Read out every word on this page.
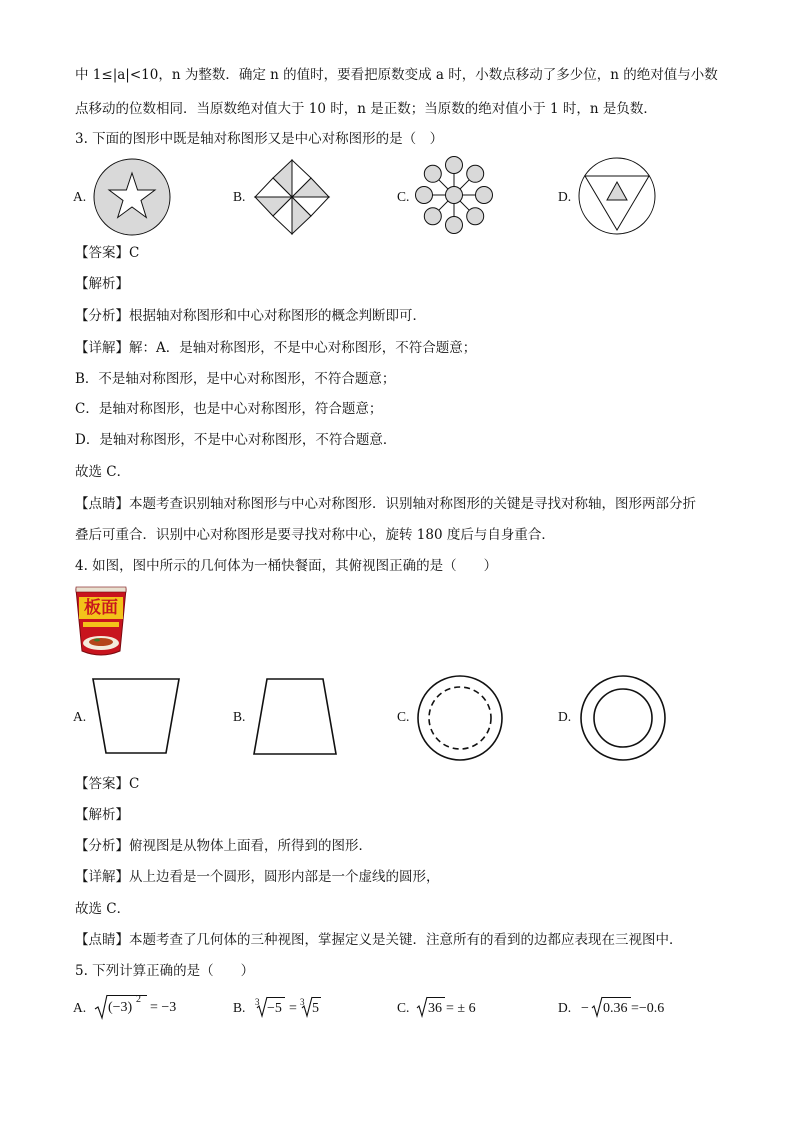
中 1≤|a|<10，n 为整数．确定 n 的值时，要看把原数变成 a 时，小数点移动了多少位，n 的绝对值与小数
点移动的位数相同．当原数绝对值大于 10 时，n 是正数；当原数的绝对值小于 1 时，n 是负数．
3. 下面的图形中既是轴对称图形又是中心对称图形的是（　）
A.	B.	C.	D.
【答案】C
【解析】
【分析】根据轴对称图形和中心对称图形的概念判断即可．
【详解】解：A．是轴对称图形，不是中心对称图形，不符合题意；
B．不是轴对称图形，是中心对称图形，不符合题意；
C．是轴对称图形，也是中心对称图形，符合题意；
D．是轴对称图形，不是中心对称图形，不符合题意．
故选 C．
【点睛】本题考查识别轴对称图形与中心对称图形．识别轴对称图形的关键是寻找对称轴，图形两部分折
叠后可重合．识别中心对称图形是要寻找对称中心，旋转 180 度后与自身重合．
4. 如图，图中所示的几何体为一桶快餐面，其俯视图正确的是（　　）
板面
A.	B.	C.	D.
【答案】C
【解析】
【分析】俯视图是从物体上面看，所得到的图形．
【详解】从上边看是一个圆形，圆形内部是一个虚线的圆形，
故选 C．
【点睛】本题考查了几何体的三种视图，掌握定义是关键．注意所有的看到的边都应表现在三视图中．
5. 下列计算正确的是（　　）
A. (−3)
2
= −3	B. 3 −5 = 3 5	C. 36 = ± 6	D. − 0.36 =−0.6
